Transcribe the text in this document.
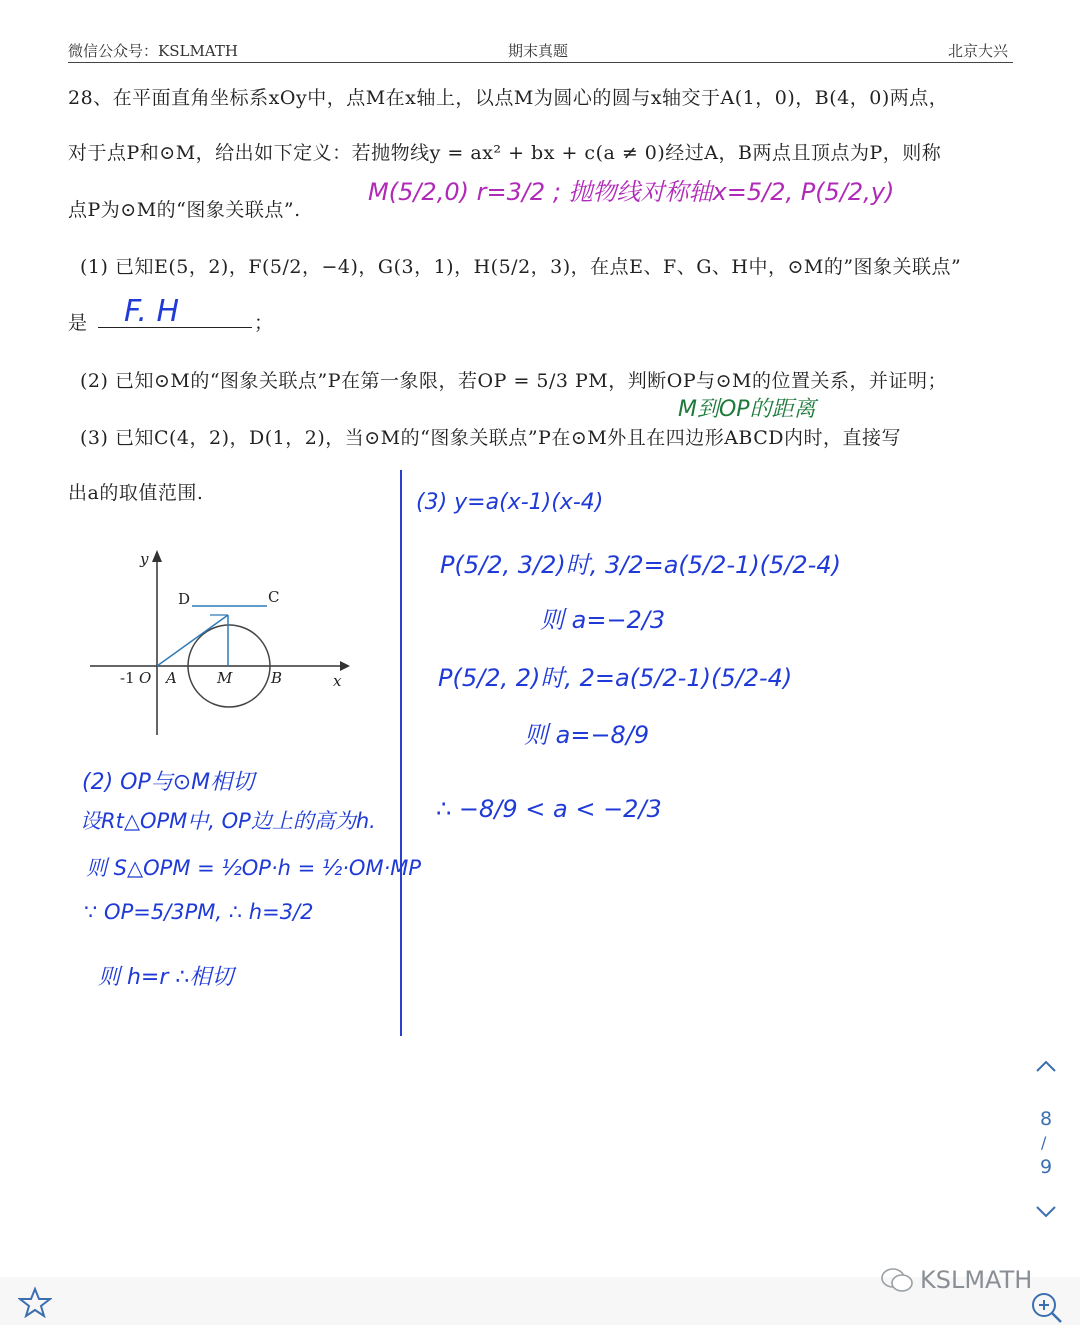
微信公众号：KSLMATH	期末真题	北京大兴
28、在平面直角坐标系xOy中，点M在x轴上，以点M为圆心的圆与x轴交于A(1，0)，B(4，0)两点，
对于点P和⊙M，给出如下定义：若抛物线y = ax² + bx + c(a ≠ 0)经过A，B两点且顶点为P，则称
点P为⊙M的“图象关联点”.
M(5/2,0) r=3/2 ; 抛物线对称轴x=5/2, P(5/2,y)
(1) 已知E(5，2)，F(5/2，−4)，G(3，1)，H(5/2，3)，在点E、F、G、H中，⊙M的”图象关联点”
是 F. H	；
(2) 已知⊙M的“图象关联点”P在第一象限，若OP = 5/3 PM，判断OP与⊙M的位置关系，并证明；
M到OP的距离
(3) 已知C(4，2)，D(1，2)，当⊙M的“图象关联点”P在⊙M外且在四边形ABCD内时，直接写
出a的取值范围.
y
x
D	C
-1 O A	M	B
(3) y=a(x-1)(x-4)
P(5/2, 3/2)时, 3/2=a(5/2-1)(5/2-4)
则 a=−2/3
P(5/2, 2)时, 2=a(5/2-1)(5/2-4)
则 a=−8/9
∴ −8/9 < a < −2/3
(2) OP与⊙M相切
设Rt△OPM中, OP边上的高为h.
则 S△OPM = ½OP·h = ½·OM·MP
∵ OP=5/3PM, ∴ h=3/2
则 h=r ∴相切
8
/
9
KSLMATH
